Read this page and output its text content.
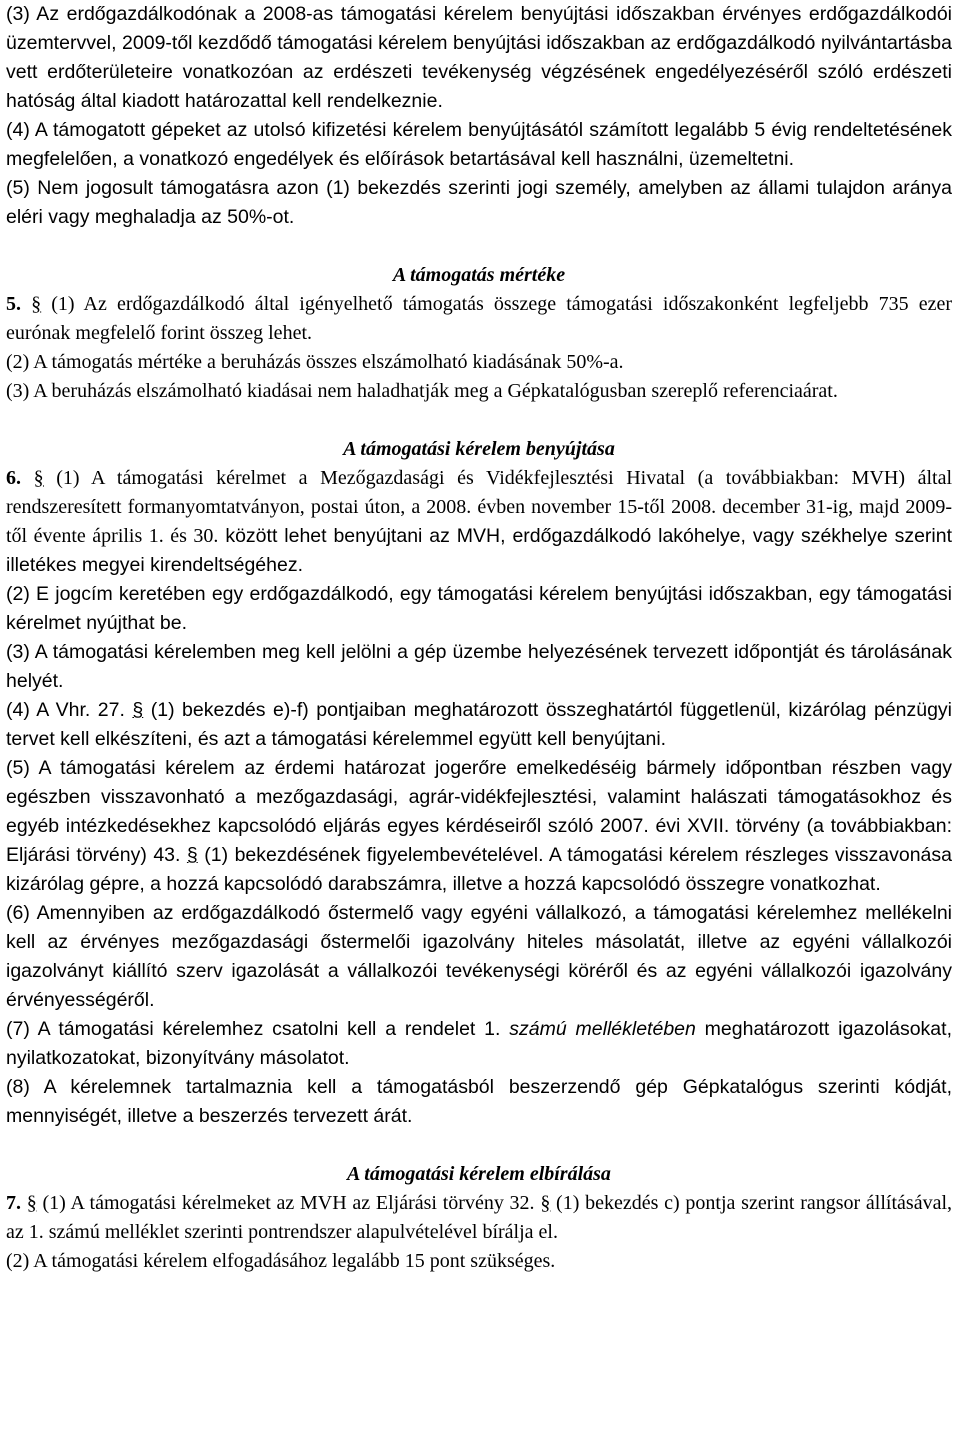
(3) Az erdőgazdálkodónak a 2008-as támogatási kérelem benyújtási időszakban érvényes erdőgazdálkodói üzemtervvel, 2009-től kezdődő támogatási kérelem benyújtási időszakban az erdőgazdálkodó nyilvántartásba vett erdőterületeire vonatkozóan az erdészeti tevékenység végzésének engedélyezéséről szóló erdészeti hatóság által kiadott határozattal kell rendelkeznie.

(4) A támogatott gépeket az utolsó kifizetési kérelem benyújtásától számított legalább 5 évig rendeltetésének megfelelően, a vonatkozó engedélyek és előírások betartásával kell használni, üzemeltetni.

(5) Nem jogosult támogatásra azon (1) bekezdés szerinti jogi személy, amelyben az állami tulajdon aránya eléri vagy meghaladja az 50%-ot.

A támogatás mértéke

5. § (1) Az erdőgazdálkodó által igényelhető támogatás összege támogatási időszakonként legfeljebb 735 ezer eurónak megfelelő forint összeg lehet.

(2) A támogatás mértéke a beruházás összes elszámolható kiadásának 50%-a.

(3) A beruházás elszámolható kiadásai nem haladhatják meg a Gépkatalógusban szereplő referenciaárat.

A támogatási kérelem benyújtása

6. § (1) A támogatási kérelmet a Mezőgazdasági és Vidékfejlesztési Hivatal (a továbbiakban: MVH) által rendszeresített formanyomtatványon, postai úton, a 2008. évben november 15-től 2008. december 31-ig, majd 2009-től évente április 1. és 30. között lehet benyújtani az MVH, erdőgazdálkodó lakóhelye, vagy székhelye szerint illetékes megyei kirendeltségéhez.

(2) E jogcím keretében egy erdőgazdálkodó, egy támogatási kérelem benyújtási időszakban, egy támogatási kérelmet nyújthat be.

(3) A támogatási kérelemben meg kell jelölni a gép üzembe helyezésének tervezett időpontját és tárolásának helyét.

(4) A Vhr. 27. § (1) bekezdés e)-f) pontjaiban meghatározott összeghatártól függetlenül, kizárólag pénzügyi tervet kell elkészíteni, és azt a támogatási kérelemmel együtt kell benyújtani.

(5) A támogatási kérelem az érdemi határozat jogerőre emelkedéséig bármely időpontban részben vagy egészben visszavonható a mezőgazdasági, agrár-vidékfejlesztési, valamint halászati támogatásokhoz és egyéb intézkedésekhez kapcsolódó eljárás egyes kérdéseiről szóló 2007. évi XVII. törvény (a továbbiakban: Eljárási törvény) 43. § (1) bekezdésének figyelembevételével. A támogatási kérelem részleges visszavonása kizárólag gépre, a hozzá kapcsolódó darabszámra, illetve a hozzá kapcsolódó összegre vonatkozhat.

(6) Amennyiben az erdőgazdálkodó őstermelő vagy egyéni vállalkozó, a támogatási kérelemhez mellékelni kell az érvényes mezőgazdasági őstermelői igazolvány hiteles másolatát, illetve az egyéni vállalkozói igazolványt kiállító szerv igazolását a vállalkozói tevékenységi köréről és az egyéni vállalkozói igazolvány érvényességéről.

(7) A támogatási kérelemhez csatolni kell a rendelet 1. számú mellékletében meghatározott igazolásokat, nyilatkozatokat, bizonyítvány másolatot.

(8) A kérelemnek tartalmaznia kell a támogatásból beszerzendő gép Gépkatalógus szerinti kódját, mennyiségét, illetve a beszerzés tervezett árát.

A támogatási kérelem elbírálása

7. § (1) A támogatási kérelmeket az MVH az Eljárási törvény 32. § (1) bekezdés c) pontja szerint rangsor állításával, az 1. számú melléklet szerinti pontrendszer alapulvételével bírálja el.

(2) A támogatási kérelem elfogadásához legalább 15 pont szükséges.
